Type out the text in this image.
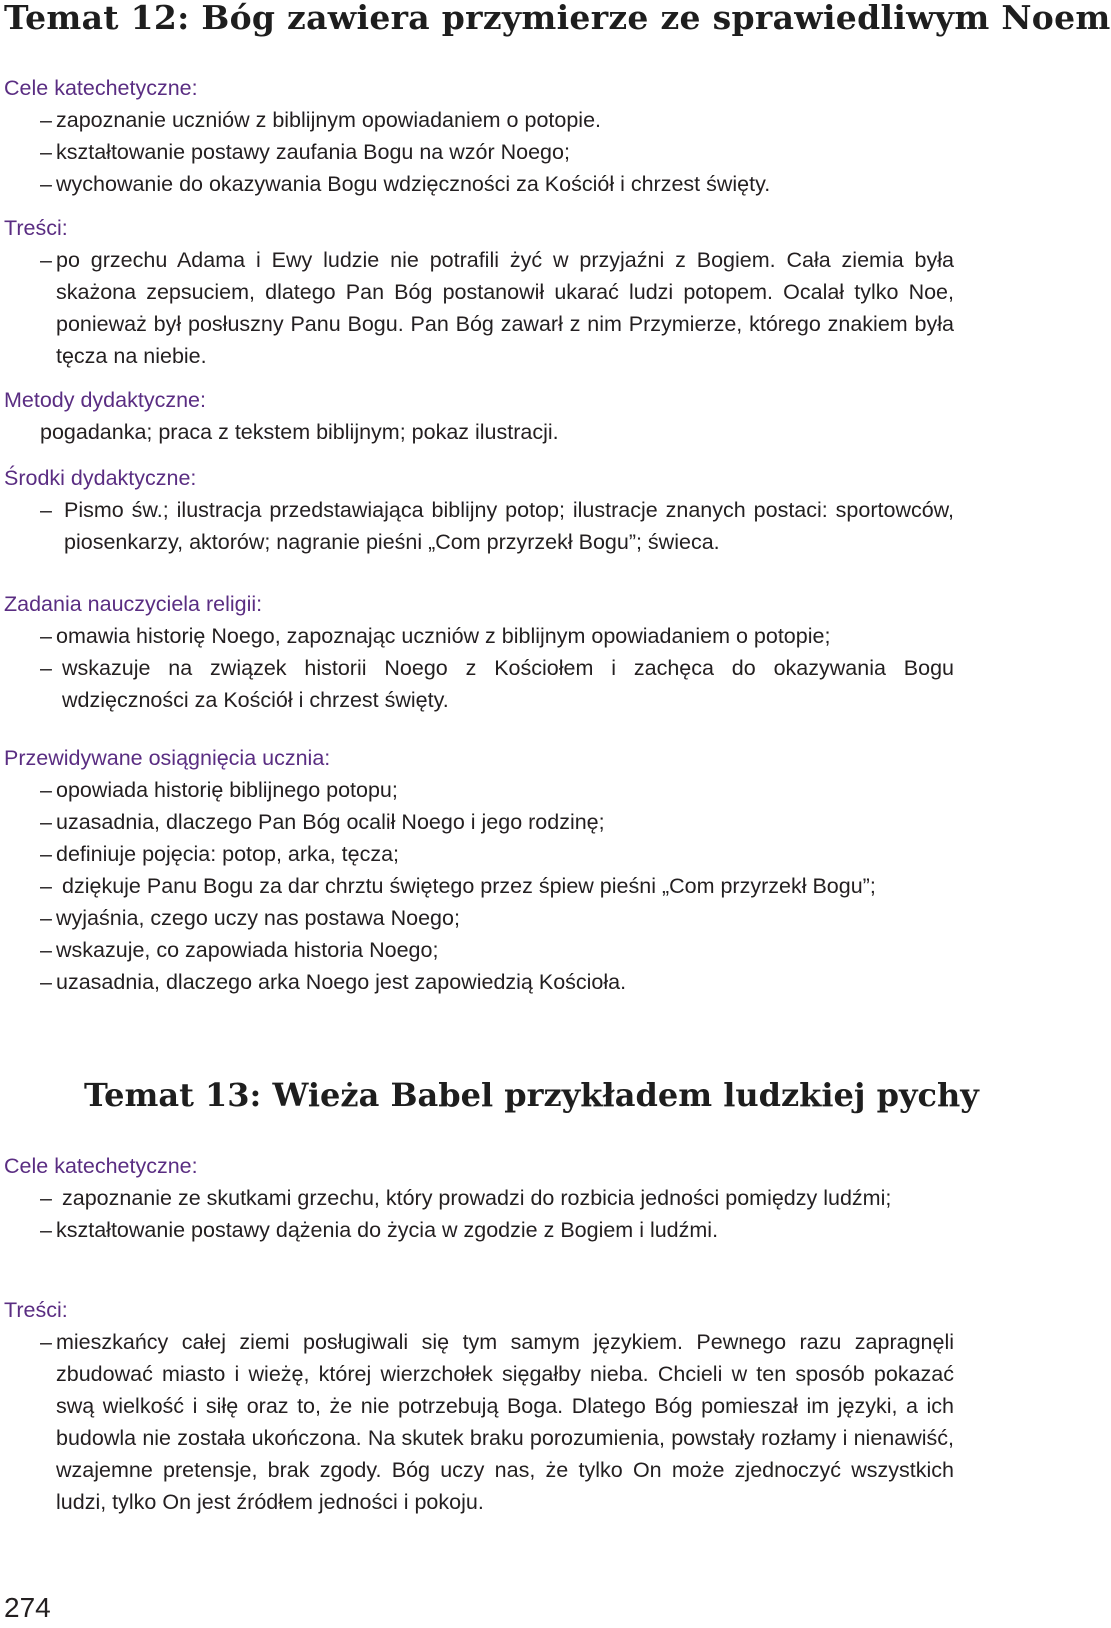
Temat 12: Bóg zawiera przymierze ze sprawiedliwym Noem

Cele katechetyczne:

– zapoznanie uczniów z biblijnym opowiadaniem o potopie.
– kształtowanie postawy zaufania Bogu na wzór Noego;
– wychowanie do okazywania Bogu wdzięczności za Kościół i chrzest święty.

Treści:

– po grzechu Adama i Ewy ludzie nie potrafili żyć w przyjaźni z Bogiem. Cała ziemia była skażona zepsuciem, dlatego Pan Bóg postanowił ukarać ludzi potopem. Ocalał tylko Noe, ponieważ był posłuszny Panu Bogu. Pan Bóg zawarł z nim Przymierze, którego znakiem była tęcza na niebie.

Metody dydaktyczne:

pogadanka; praca z tekstem biblijnym; pokaz ilustracji.

Środki dydaktyczne:

– Pismo św.; ilustracja przedstawiająca biblijny potop; ilustracje znanych postaci: sportowców, piosenkarzy, aktorów; nagranie pieśni „Com przyrzekł Bogu”; świeca.

Zadania nauczyciela religii:

– omawia historię Noego, zapoznając uczniów z biblijnym opowiadaniem o potopie;
– wskazuje na związek historii Noego z Kościołem i zachęca do okazywania Bogu wdzięczności za Kościół i chrzest święty.

Przewidywane osiągnięcia ucznia:

– opowiada historię biblijnego potopu;
– uzasadnia, dlaczego Pan Bóg ocalił Noego i jego rodzinę;
– definiuje pojęcia: potop, arka, tęcza;
– dziękuje Panu Bogu za dar chrztu świętego przez śpiew pieśni „Com przyrzekł Bogu”;
– wyjaśnia, czego uczy nas postawa Noego;
– wskazuje, co zapowiada historia Noego;
– uzasadnia, dlaczego arka Noego jest zapowiedzią Kościoła.
Temat 13: Wieża Babel przykładem ludzkiej pychy

Cele katechetyczne:

– zapoznanie ze skutkami grzechu, który prowadzi do rozbicia jedności pomiędzy ludźmi;
– kształtowanie postawy dążenia do życia w zgodzie z Bogiem i ludźmi.

Treści:

– mieszkańcy całej ziemi posługiwali się tym samym językiem. Pewnego razu zapragnęli zbudować miasto i wieżę, której wierzchołek sięgałby nieba. Chcieli w ten sposób pokazać swą wielkość i siłę oraz to, że nie potrzebują Boga. Dlatego Bóg pomieszał im języki, a ich budowla nie została ukończona. Na skutek braku porozumienia, powstały rozłamy i nienawiść, wzajemne pretensje, brak zgody. Bóg uczy nas, że tylko On może zjednoczyć wszystkich ludzi, tylko On jest źródłem jedności i pokoju.
274
